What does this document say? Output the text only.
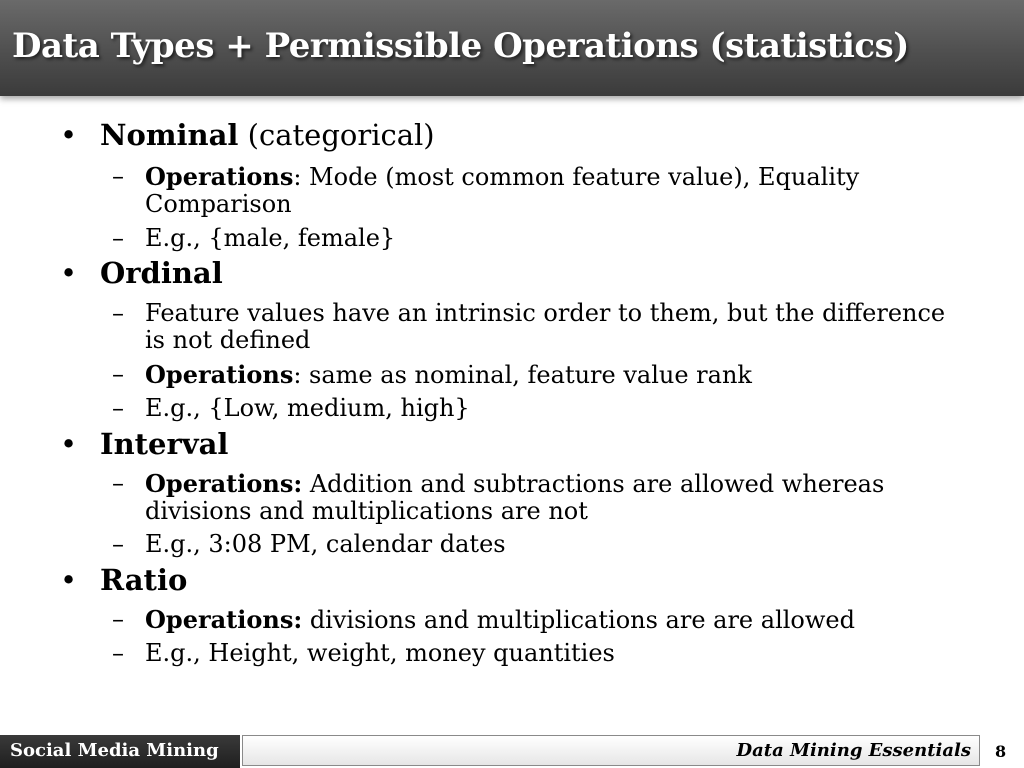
Data Types + Permissible Operations (statistics)
• Nominal (categorical)
– Operations: Mode (most common feature value), Equality Comparison
– E.g., {male, female}
• Ordinal
– Feature values have an intrinsic order to them, but the difference is not defined
– Operations: same as nominal, feature value rank
– E.g., {Low, medium, high}
• Interval
– Operations: Addition and subtractions are allowed whereas divisions and multiplications are not
– E.g., 3:08 PM, calendar dates
• Ratio
– Operations: divisions and multiplications are are allowed
– E.g., Height, weight, money quantities
Social Media Mining	Data Mining Essentials 8
